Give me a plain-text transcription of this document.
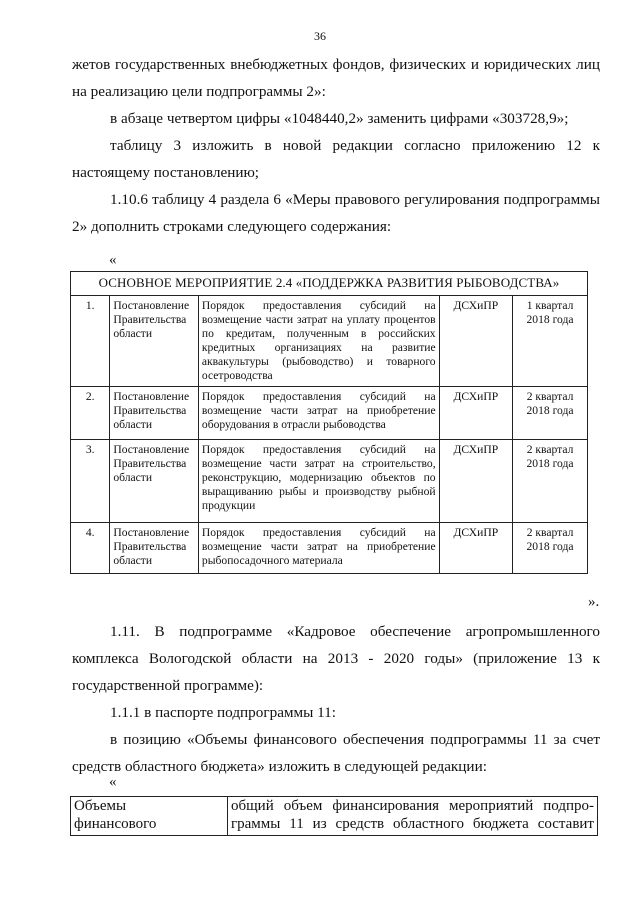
36

жетов государственных внебюджетных фондов, физических и юридических лиц на реализацию цели подпрограммы 2»:

в абзаце четвертом цифры «1048440,2» заменить цифрами «303728,9»;

таблицу 3 изложить в новой редакции согласно приложению 12 к настоящему постановлению;

1.10.6 таблицу 4 раздела 6 «Меры правового регулирования подпрограммы 2» дополнить строками следующего содержания:

«
ОСНОВНОЕ МЕРОПРИЯТИЕ 2.4 «ПОДДЕРЖКА РАЗВИТИЯ РЫБОВОДСТВА»				
1.	Постановление Правительства области	Порядок предоставления субсидий на возмещение части затрат на уплату процентов по кредитам, полученным в российских кредитных организациях на развитие аквакультуры (рыбоводство) и товарного осетроводства	ДСХиПР	1 квартал 2018 года
2.	Постановление Правительства области	Порядок предоставления субсидий на возмещение части затрат на приобретение оборудования в отрасли рыбоводства	ДСХиПР	2 квартал 2018 года
3.	Постановление Правительства области	Порядок предоставления субсидий на возмещение части затрат на строительство, реконструкцию, модернизацию объектов по выращиванию рыбы и производству рыбной продукции	ДСХиПР	2 квартал 2018 года
4.	Постановление Правительства области	Порядок предоставления субсидий на возмещение части затрат на приобретение рыбопосадочного материала	ДСХиПР	2 квартал 2018 года
».

1.11. В подпрограмме «Кадровое обеспечение агропромышленного комплекса Вологодской области на 2013 - 2020 годы» (приложение 13 к государственной программе):

1.1.1 в паспорте подпрограммы 11:

в позицию «Объемы финансового обеспечения подпрограммы 11 за счет средств областного бюджета» изложить в следующей редакции:

«
Объемы
финансового

общий объем финансирования мероприятий подпро-
граммы 11 из средств областного бюджета составит
